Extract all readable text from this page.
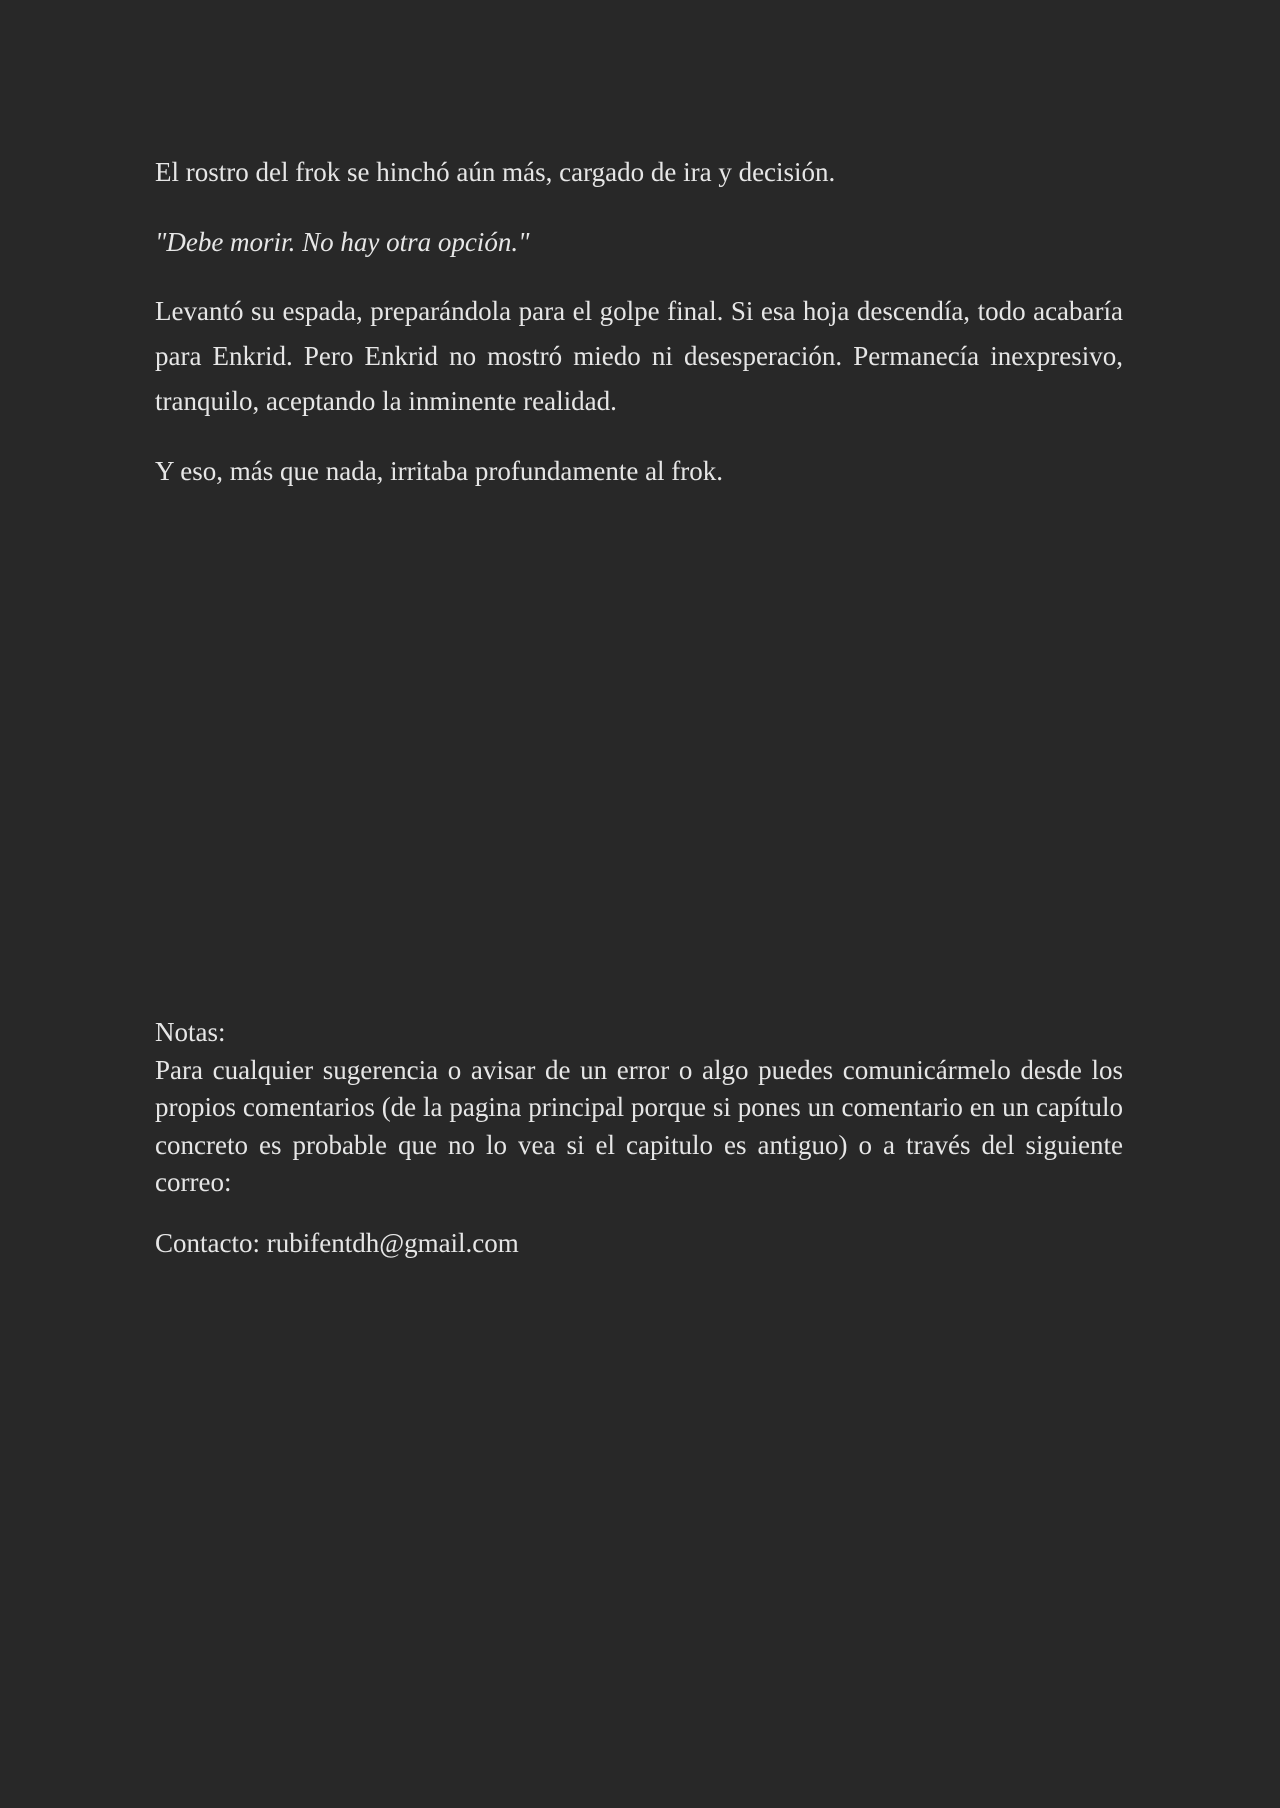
El rostro del frok se hinchó aún más, cargado de ira y decisión.

"Debe morir. No hay otra opción."

Levantó su espada, preparándola para el golpe final. Si esa hoja descendía, todo acabaría para Enkrid. Pero Enkrid no mostró miedo ni desesperación. Permanecía inexpresivo, tranquilo, aceptando la inminente realidad.

Y eso, más que nada, irritaba profundamente al frok.

Notas:

Para cualquier sugerencia o avisar de un error o algo puedes comunicármelo desde los propios comentarios (de la pagina principal porque si pones un comentario en un capítulo concreto es probable que no lo vea si el capitulo es antiguo) o a través del siguiente correo:

Contacto: rubifentdh@gmail.com
